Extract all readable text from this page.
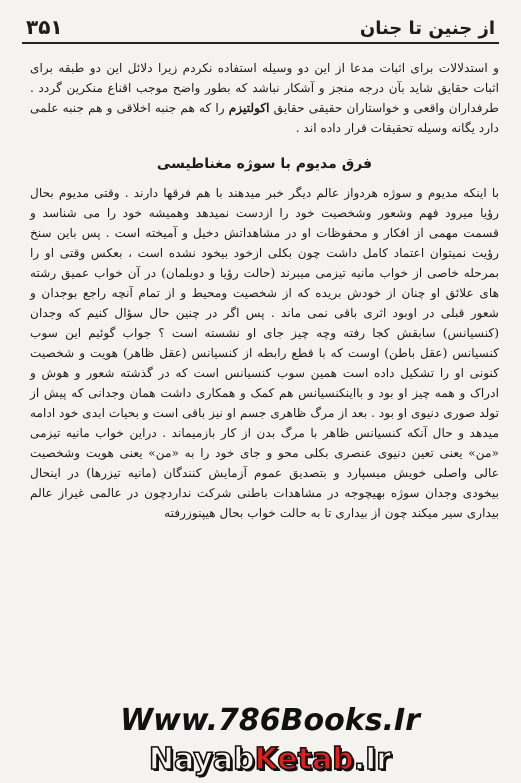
۳۵۱	از جنین تا جنان

و استدلالات برای اثبات مدعا از این دو وسیله استفاده نکردم زیرا دلائل این دو طبقه برای اثبات حقایق شاید بآن درجه منجز و آشکار نباشد که بطور واضح موجب اقناع منکرین گردد . طرفداران واقعی و خواستاران حقیقی حقایق اکولتیزم را که هم جنبه اخلاقی و هم جنبه علمی دارد یگانه وسیله تحقیقات قرار داده اند .

فرق مدیوم با سوژه مغناطیسی

با اینکه مدیوم و سوژه هردواز عالم دیگر خبر میدهند با هم فرقها دارند . وقتی مدیوم بحال رؤیا میرود فهم وشعور وشخصیت خود را ازدست نمیدهد وهمیشه خود را می شناسد و قسمت مهمی از افکار و محفوظات او در مشاهداتش دخیل و آمیخته است . پس باین سنخ رؤیت نمیتوان اعتماد کامل داشت چون بکلی ازخود بیخود نشده است ، بعکس وقتی او را بمرحله خاصی از خواب مانیه تیزمی میبرند (حالت رؤیا و دوبلمان) در آن خواب عمیق رشته های علائق او چنان از خودش بریده که از شخصیت ومحیط و از تمام آنچه راجع بوجدان و شعور قبلی در اوبود اثری باقی نمی ماند . پس اگر در چنین حال سؤال کنیم که وجدان (کنسیانس) سابقش کجا رفته وچه چیز جای او نشسته است ؟ جواب گوئیم این سوب کنسیانس (عقل باطن) اوست که با قطع رابطه از کنسیانس (عقل ظاهر) هویت و شخصیت کنونی او را تشکیل داده است همین سوب کنسیانس است که در گذشته شعور و هوش و ادراک و همه چیز او بود و بااینکنسیانس هم کمک و همکاری داشت همان وجدانی که پیش از تولد صوری دنیوی او بود . بعد از مرگ ظاهری جسم او نیز باقی است و بحیات ابدی خود ادامه میدهد و حال آنکه کنسیانس ظاهر با مرگ بدن از کار بازمیماند . دراین خواب مانیه تیزمی «من» یعنی تعین دنیوی عنصری بکلی محو و جای خود را به «من» یعنی هویت وشخصیت عالی واصلی خویش میسپارد و بتصدیق عموم آزمایش کنندگان (مانیه تیزرها) در اینحال بیخودی وجدان سوژه بهیچوجه در مشاهدات باطنی شرکت نداردچون در عالمی غیراز عالم بیداری سیر میکند چون از بیداری تا به حالت خواب بحال هیپنوزرفته

Www.786Books.Ir
NayabKetab.Ir
